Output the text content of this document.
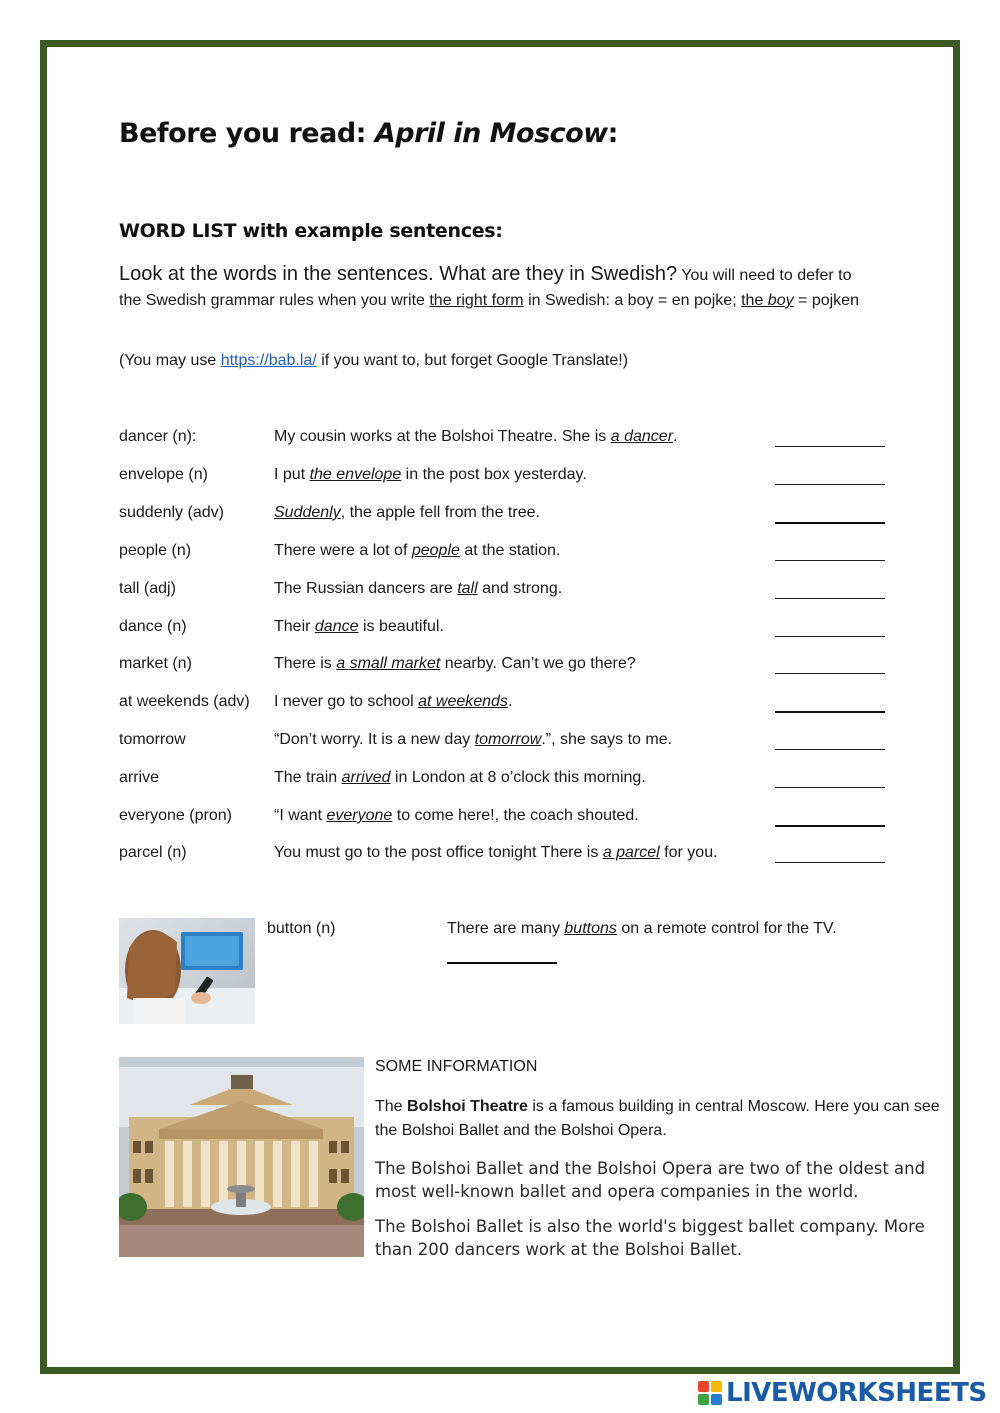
Before you read: April in Moscow:
WORD LIST with example sentences:
Look at the words in the sentences. What are they in Swedish? You will need to defer to the Swedish grammar rules when you write the right form in Swedish: a boy = en pojke; the boy = pojken
(You may use https://bab.la/ if you want to, but forget Google Translate!)
dancer (n):	My cousin works at the Bolshoi Theatre. She is a dancer.
envelope (n)	I put the envelope in the post box yesterday.
suddenly (adv)	Suddenly, the apple fell from the tree.
people (n)	There were a lot of people at the station.
tall (adj)	The Russian dancers are tall and strong.
dance (n)	Their dance is beautiful.
market (n)	There is a small market nearby. Can’t we go there?
at weekends (adv) I never go to school at weekends.
tomorrow	“Don’t worry. It is a new day tomorrow.”, she says to me.
arrive	The train arrived in London at 8 o’clock this morning.
everyone (pron)	“I want everyone to come here!, the coach shouted.
parcel (n)	You must go to the post office tonight There is a parcel for you.
button (n)	There are many buttons on a remote control for the TV.
SOME INFORMATION
The Bolshoi Theatre is a famous building in central Moscow. Here you can see the Bolshoi Ballet and the Bolshoi Opera.
The Bolshoi Ballet and the Bolshoi Opera are two of the oldest and most well-known ballet and opera companies in the world.
The Bolshoi Ballet is also the world's biggest ballet company. More than 200 dancers work at the Bolshoi Ballet.
LIVEWORKSHEETS
